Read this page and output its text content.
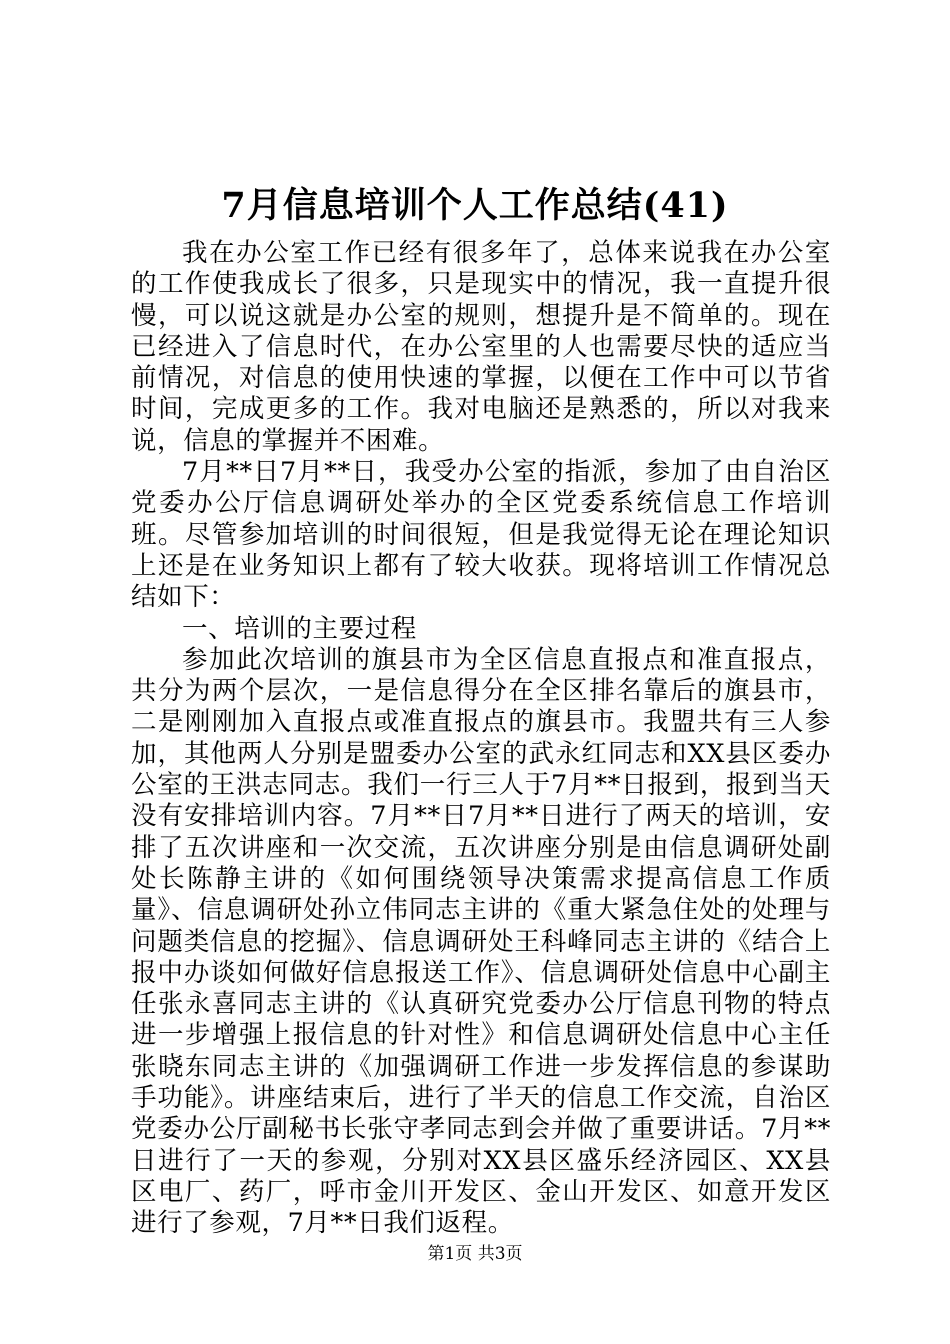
7月信息培训个人工作总结(41)

我在办公室工作已经有很多年了，总体来说我在办公室的工作使我成长了很多，只是现实中的情况，我一直提升很慢，可以说这就是办公室的规则，想提升是不简单的。现在已经进入了信息时代，在办公室里的人也需要尽快的适应当前情况，对信息的使用快速的掌握，以便在工作中可以节省时间，完成更多的工作。我对电脑还是熟悉的，所以对我来说，信息的掌握并不困难。

7月**日7月**日，我受办公室的指派，参加了由自治区党委办公厅信息调研处举办的全区党委系统信息工作培训班。尽管参加培训的时间很短，但是我觉得无论在理论知识上还是在业务知识上都有了较大收获。现将培训工作情况总结如下：

一、培训的主要过程

参加此次培训的旗县市为全区信息直报点和准直报点，共分为两个层次，一是信息得分在全区排名靠后的旗县市，二是刚刚加入直报点或准直报点的旗县市。我盟共有三人参加，其他两人分别是盟委办公室的武永红同志和XX县区委办公室的王洪志同志。我们一行三人于7月**日报到，报到当天没有安排培训内容。7月**日7月**日进行了两天的培训，安排了五次讲座和一次交流，五次讲座分别是由信息调研处副处长陈静主讲的《如何围绕领导决策需求提高信息工作质量》、信息调研处孙立伟同志主讲的《重大紧急住处的处理与问题类信息的挖掘》、信息调研处王科峰同志主讲的《结合上报中办谈如何做好信息报送工作》、信息调研处信息中心副主任张永喜同志主讲的《认真研究党委办公厅信息刊物的特点进一步增强上报信息的针对性》和信息调研处信息中心主任张晓东同志主讲的《加强调研工作进一步发挥信息的参谋助手功能》。讲座结束后，进行了半天的信息工作交流，自治区党委办公厅副秘书长张守孝同志到会并做了重要讲话。7月**日进行了一天的参观，分别对XX县区盛乐经济园区、XX县区电厂、药厂，呼市金川开发区、金山开发区、如意开发区进行了参观，7月**日我们返程。

第1页 共3页
